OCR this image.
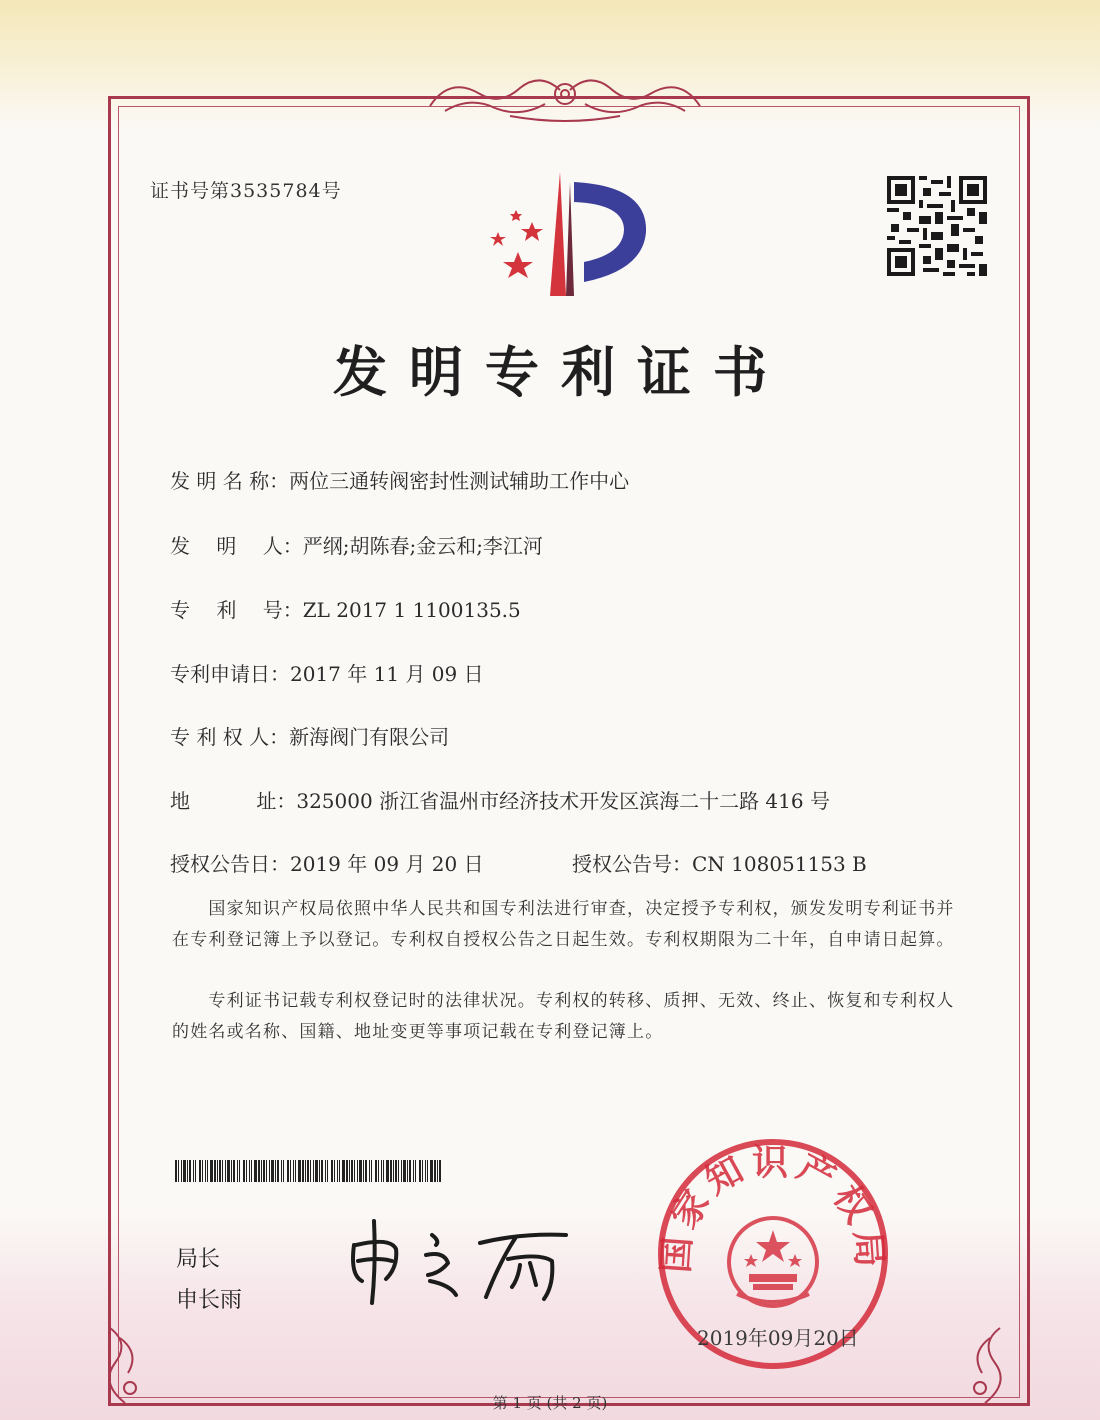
证书号第3535784号
发明专利证书
发 明 名 称：两位三通转阀密封性测试辅助工作中心
发　 明　 人：严纲;胡陈春;金云和;李江河
专　 利　 号：ZL 2017 1 1100135.5
专利申请日：2017 年 11 月 09 日
专 利 权 人：新海阀门有限公司
地　　　 址：325000 浙江省温州市经济技术开发区滨海二十二路 416 号
授权公告日：2019 年 09 月 20 日	授权公告号：CN 108051153 B
　　国家知识产权局依照中华人民共和国专利法进行审查，决定授予专利权，颁发发明专利证书并在专利登记簿上予以登记。专利权自授权公告之日起生效。专利权期限为二十年，自申请日起算。
　　专利证书记载专利权登记时的法律状况。专利权的转移、质押、无效、终止、恢复和专利权人的姓名或名称、国籍、地址变更等事项记载在专利登记簿上。
局长
申长雨
国家知识产权局
2019年09月20日
第 1 页 (共 2 页)
